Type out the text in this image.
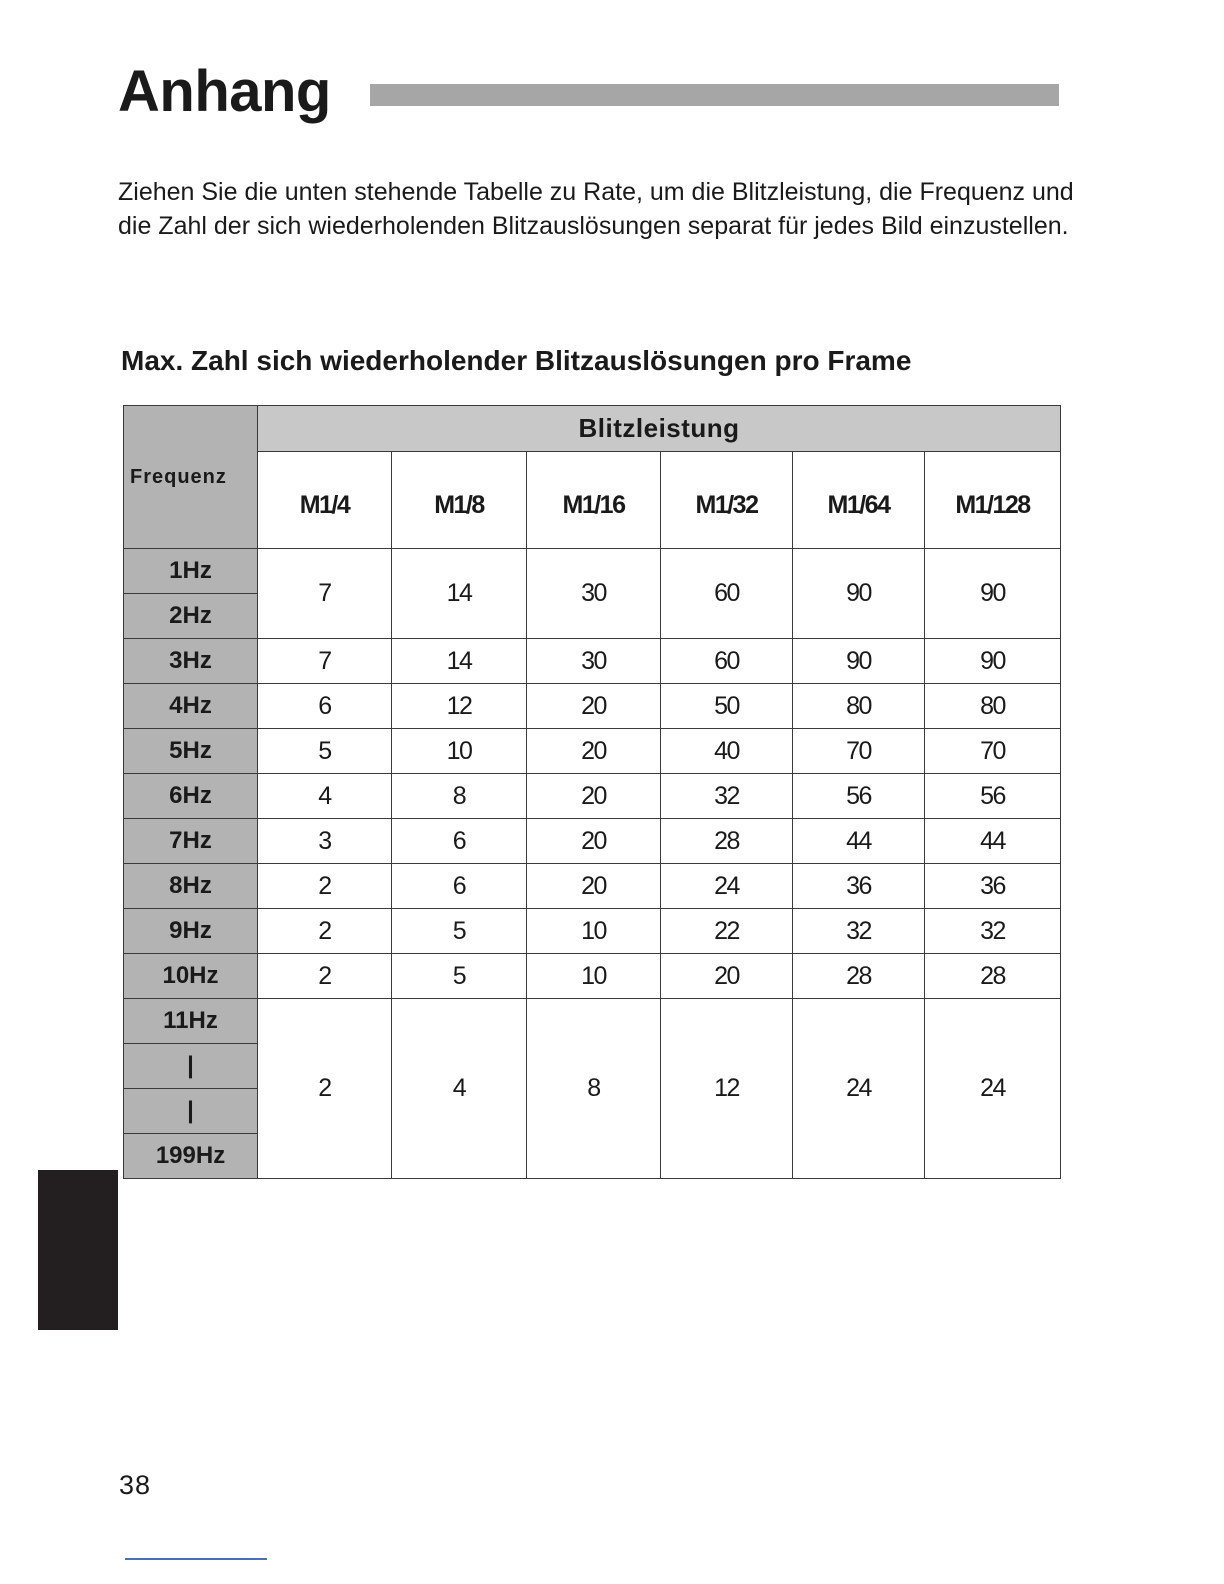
Anhang

Ziehen Sie die unten stehende Tabelle zu Rate, um die Blitzleistung, die Frequenz und die Zahl der sich wiederholenden Blitzauslösungen separat für jedes Bild einzustellen.

Max. Zahl sich wiederholender Blitzauslösungen pro Frame
Frequenz	Blitzleistung					
	M1/4	M1/8	M1/16	M1/32	M1/64	M1/128
1Hz	7	14	30	60	90	90
2Hz						
3Hz	7	14	30	60	90	90
4Hz	6	12	20	50	80	80
5Hz	5	10	20	40	70	70
6Hz	4	8	20	32	56	56
7Hz	3	6	20	28	44	44
8Hz	2	6	20	24	36	36
9Hz	2	5	10	22	32	32
10Hz	2	5	10	20	28	28
11Hz	2	4	8	12	24	24
|						
|						
199Hz						
38
